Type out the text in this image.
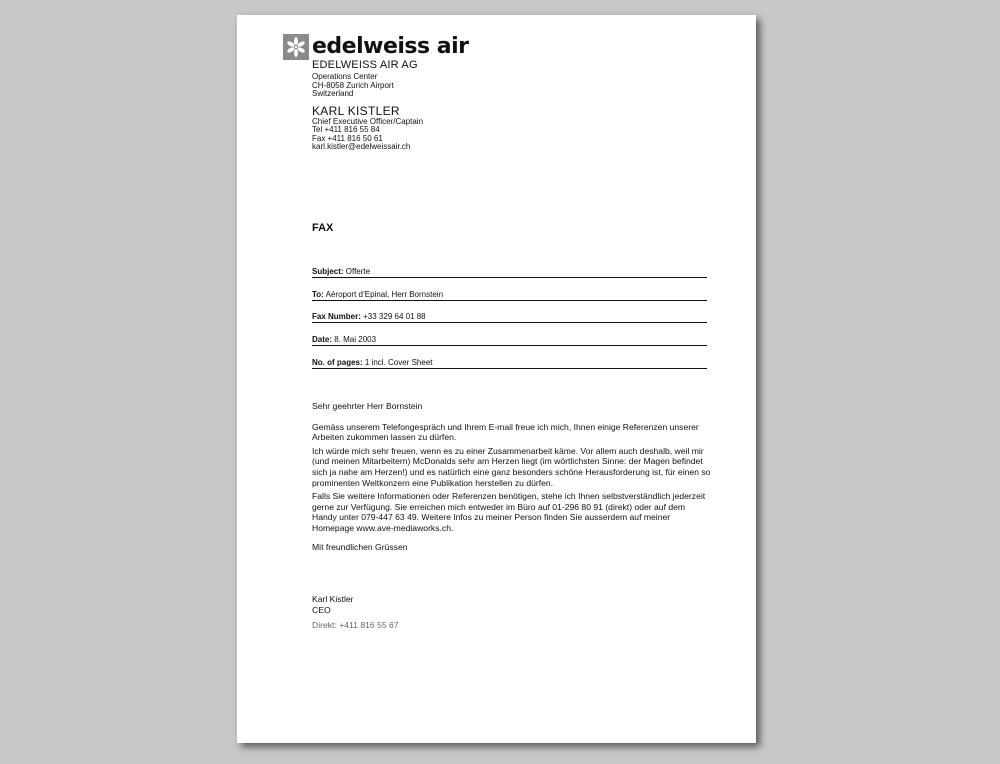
edelweiss air
EDELWEISS AIR AG
Operations Center
CH-8058 Zurich Airport
Switzerland
KARL KISTLER
Chief Executive Officer/Captain
Tel +411 816 55 84
Fax +411 816 50 61
karl.kistler@edelweissair.ch
FAX
Subject: Offerte
To: Aéroport d’Epinal, Herr Bornstein
Fax Number: +33 329 64 01 88
Date: 8. Mai 2003
No. of pages: 1 incl. Cover Sheet

Sehr geehrter Herr Bornstein

Gemäss unserem Telefongespräch und Ihrem E-mail freue ich mich, Ihnen einige Referenzen unserer Arbeiten zukommen lassen zu dürfen.

Ich würde mich sehr freuen, wenn es zu einer Zusammenarbeit käme. Vor allem auch deshalb, weil mir (und meinen Mitarbeitern) McDonalds sehr am Herzen liegt (im wörtlichsten Sinne: der Magen befindet sich ja nahe am Herzen!) und es natürlich eine ganz besonders schöne Herausforderung ist, für einen so prominenten Weltkonzern eine Publikation herstellen zu dürfen.

Falls Sie weitere Informationen oder Referenzen benötigen, stehe ich Ihnen selbstverständlich jederzeit gerne zur Verfügung. Sie erreichen mich entweder im Büro auf 01-296 80 91 (direkt) oder auf dem Handy unter 079-447 63 49. Weitere Infos zu meiner Person finden Sie ausserdem auf meiner Homepage www.ave-mediaworks.ch.

Mit freundlichen Grüssen

Karl Kistler
CEO
Direkt: +411 816 55 67
